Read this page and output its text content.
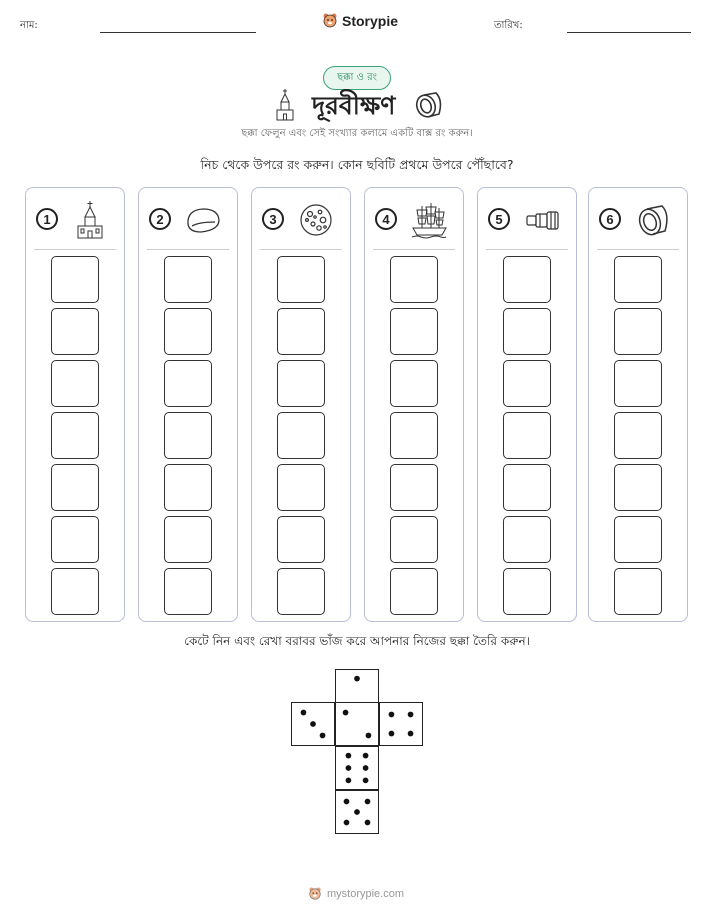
নাম:	Storypie	তারিখ:
ছক্কা ও রং
দূরবীক্ষণ
ছক্কা ফেলুন এবং সেই সংখ্যার কলামে একটি বাক্স রং করুন।
নিচ থেকে উপরে রং করুন। কোন ছবিটি প্রথমে উপরে পৌঁছাবে?
1	2	3	4	5	6
কেটে নিন এবং রেখা বরাবর ভাঁজ করে আপনার নিজের ছক্কা তৈরি করুন।
mystorypie.com
